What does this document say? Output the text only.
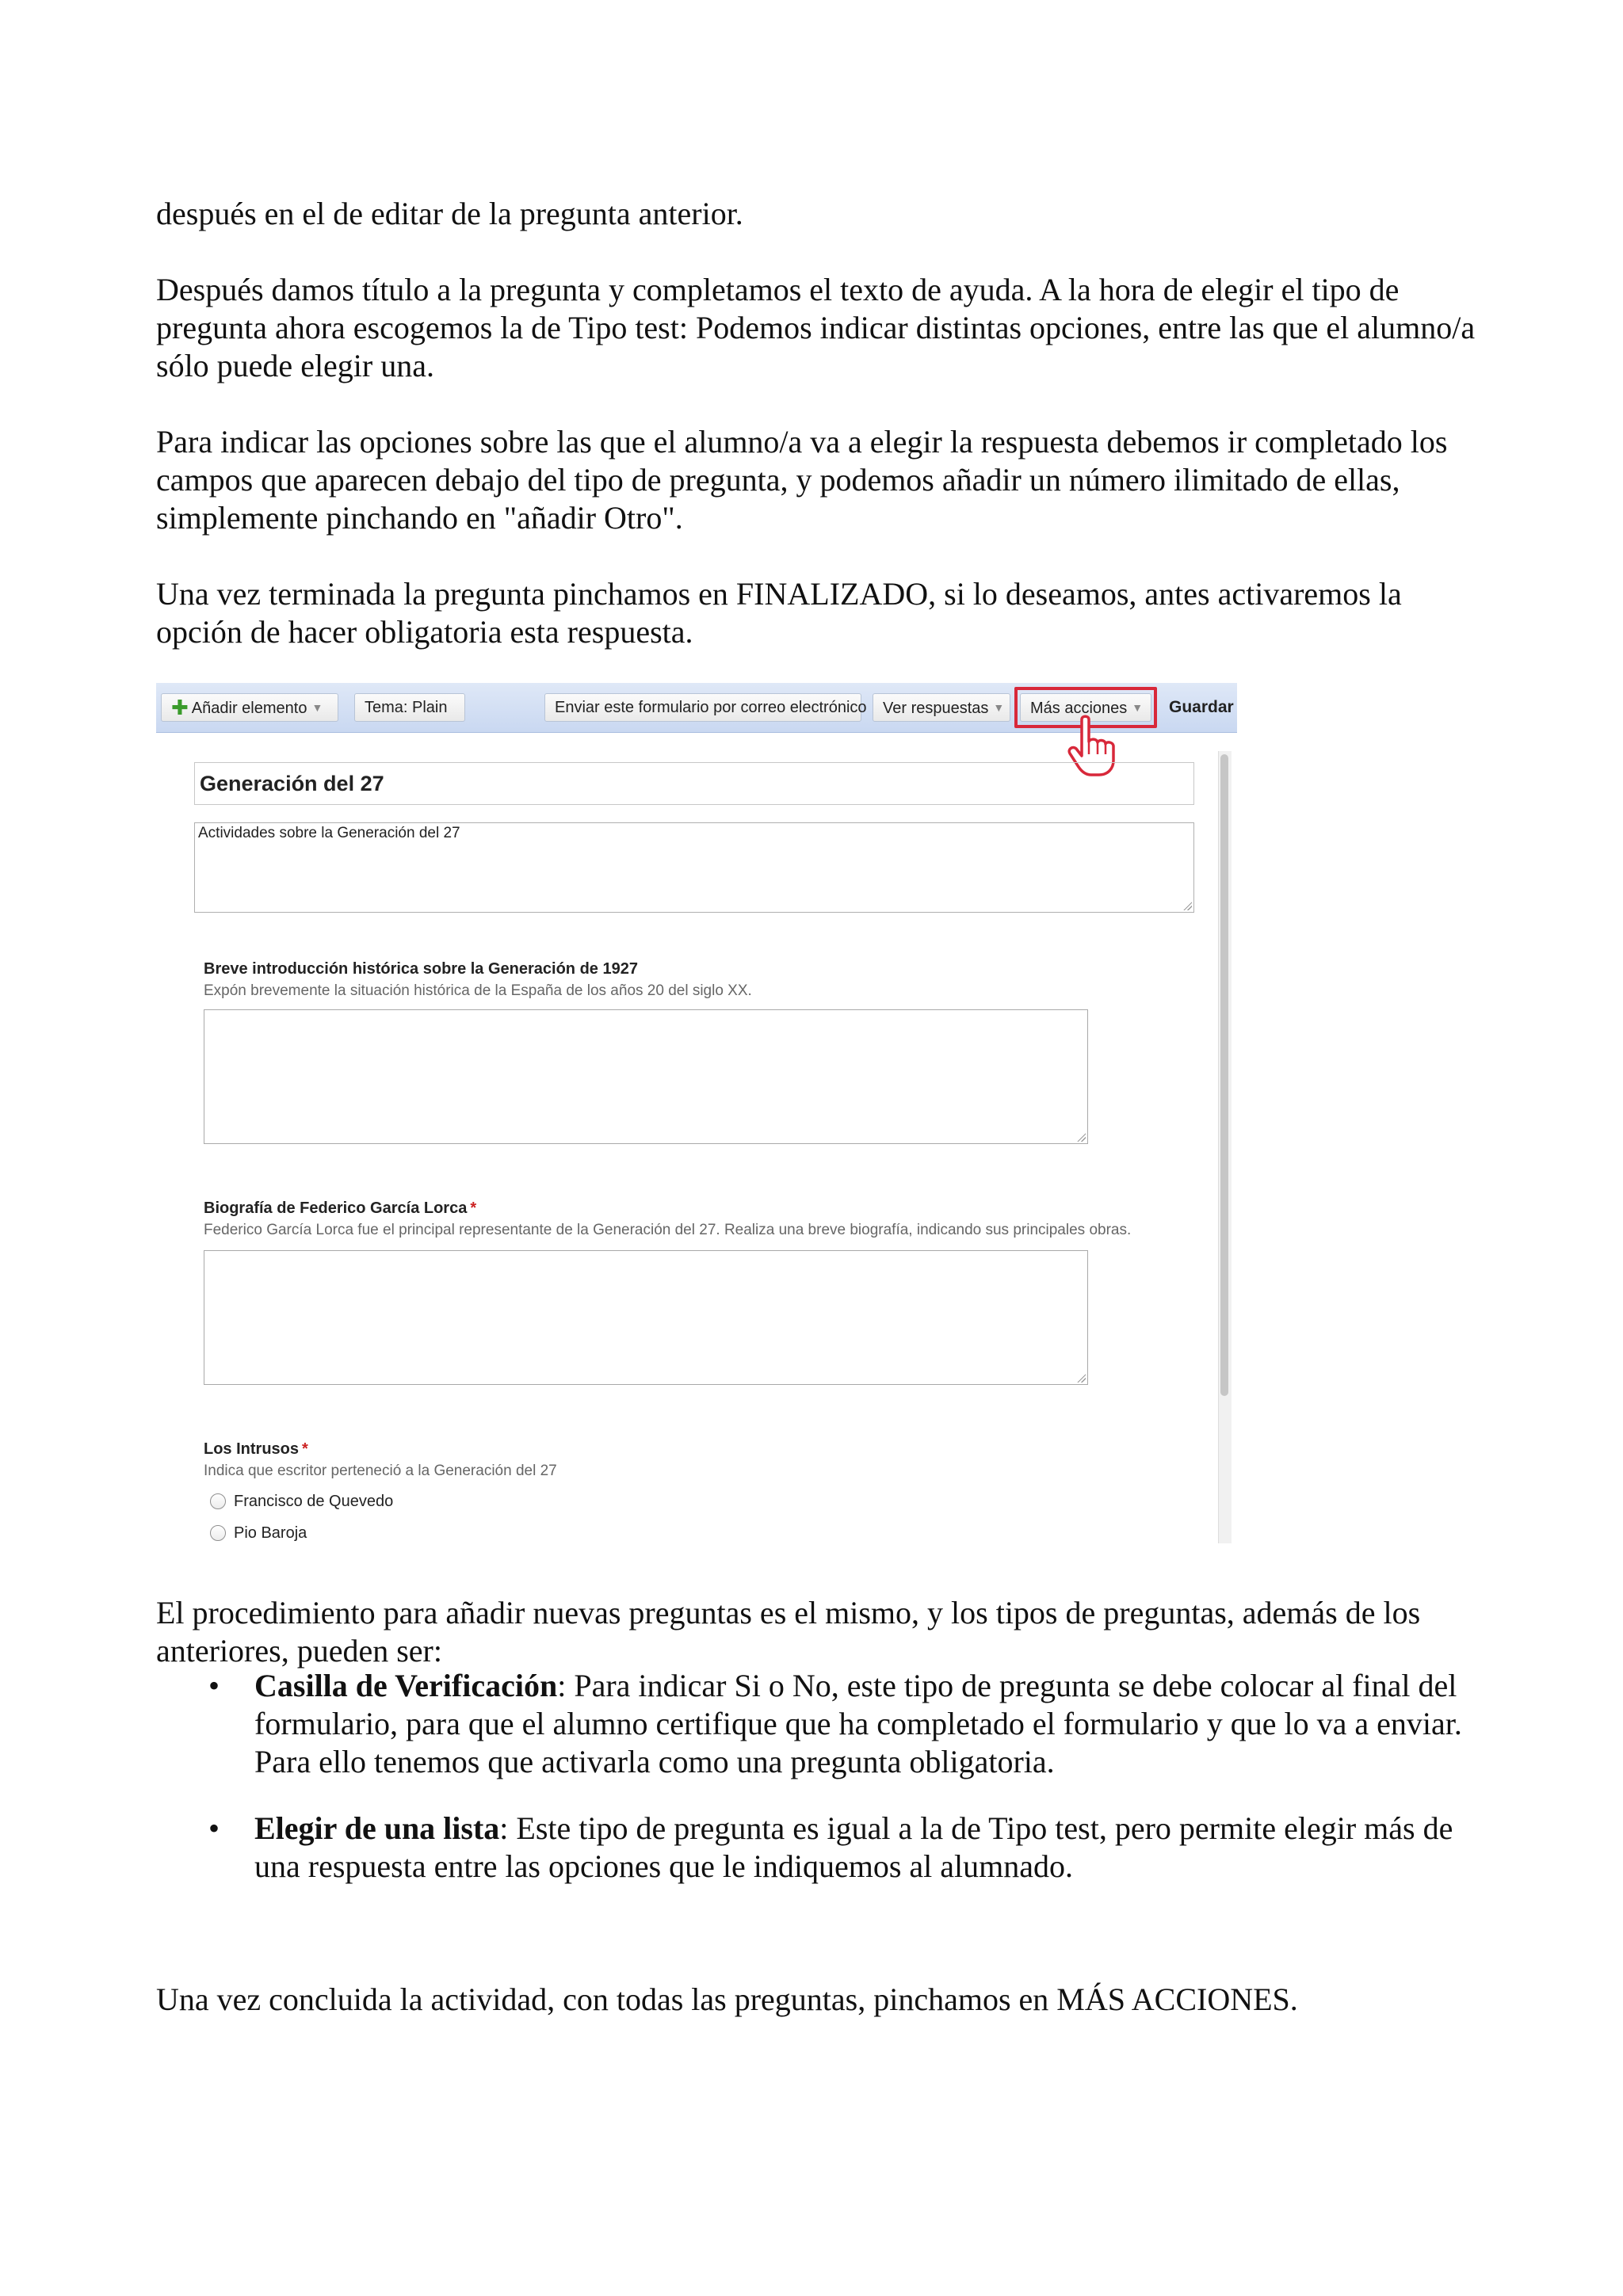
después en el de editar de la pregunta anterior.

Después damos título a la pregunta y completamos el texto de ayuda. A la hora de elegir el tipo de pregunta ahora escogemos la de Tipo test: Podemos indicar distintas opciones, entre las que el alumno/a sólo puede elegir una.

Para indicar las opciones sobre las que el alumno/a va a elegir la respuesta debemos ir completado los campos que aparecen debajo del tipo de pregunta, y podemos añadir un número ilimitado de ellas, simplemente pinchando en "añadir Otro".

Una vez terminada la pregunta pinchamos en FINALIZADO, si lo deseamos, antes activaremos la opción de hacer obligatoria esta respuesta.

✚ Añadir elemento ▼	Tema: Plain	Enviar este formulario por correo electrónico	Ver respuestas ▼	Más acciones ▼	Guardar
Generación del 27
Actividades sobre la Generación del 27
Breve introducción histórica sobre la Generación de 1927
Expón brevemente la situación histórica de la España de los años 20 del siglo XX.
Biografía de Federico García Lorca *
Federico García Lorca fue el principal representante de la Generación del 27. Realiza una breve biografía, indicando sus principales obras.
Los Intrusos *
Indica que escritor perteneció a la Generación del 27
Francisco de Quevedo
Pio Baroja

El procedimiento para añadir nuevas preguntas es el mismo, y los tipos de preguntas, además de los anteriores, pueden ser:

• Casilla de Verificación: Para indicar Si o No, este tipo de pregunta se debe colocar al final del formulario, para que el alumno certifique que ha completado el formulario y que lo va a enviar. Para ello tenemos que activarla como una pregunta obligatoria.
• Elegir de una lista: Este tipo de pregunta es igual a la de Tipo test, pero permite elegir más de una respuesta entre las opciones que le indiquemos al alumnado.

Una vez concluida la actividad, con todas las preguntas, pinchamos en MÁS ACCIONES.
